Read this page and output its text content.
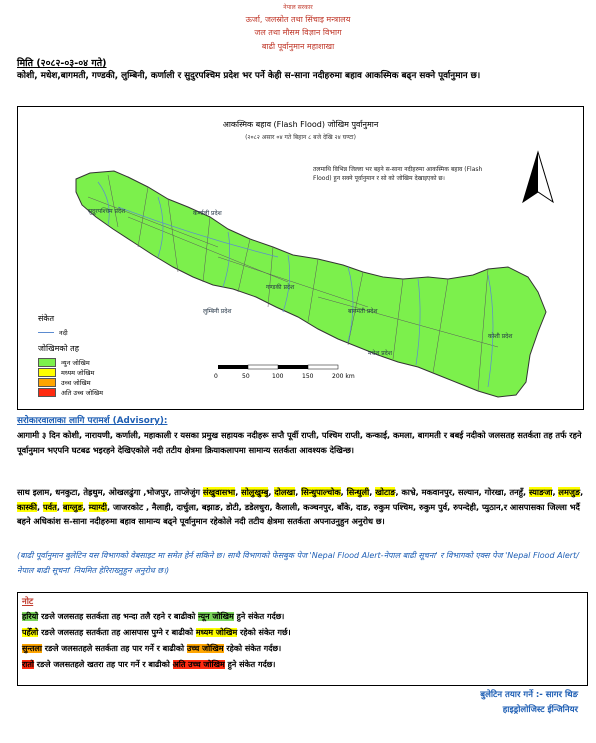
नेपाल सरकार
ऊर्जा, जलस्रोत तथा सिंचाइ मन्त्रालय
जल तथा मौसम विज्ञान विभाग
बाढी पूर्वानुमान महाशाखा
मिति (२०८२-०३-०४ गते)
कोशी, मधेश,बागमती, गण्डकी, लुम्बिनी, कर्णाली र सुदुरपश्चिम प्रदेश भर पर्ने केही स-साना नदीहरुमा बहाव आकस्मिक बढ्न सक्ने पूर्वानुमान छ।
आकस्मिक बहाव (Flash Flood) जोखिम पुर्वानुमान
(२०८२ असार ०४ गते बिहान ८ बजे देखि २४ घण्टा)
तलमाथि विभिन्न जिल्ला भर बहने स-साना नदीहरुमा आकस्मिक बहाव (Flash Flood) हुन सक्ने पूर्वानुमान र सो को जोखिम देखाइएको छ।
सुदूरपश्चिम प्रदेश	कर्णाली प्रदेश
लुम्बिनी प्रदेश
गण्डकी प्रदेश
बागमती प्रदेश
मधेश प्रदेश
कोशी प्रदेश
संकेत
नदी
जोखिमको तह
न्युन जोखिम
मध्यम जोखिम
उच्च जोखिम
अति उच्च जोखिम
0	50	100	150	200 km
सरोकारवालाका लागि परामर्श (Advisory):
आगामी ३ दिन कोशी, नारायणी, कर्णाली, महाकाली र यसका प्रमुख सहायक नदीहरू सप्तै पूर्वी राप्ती, पश्चिम राप्ती, कन्काई, कमला, बागमती र बबई नदीको जलसतह सतर्कता तह तर्फ रहने पूर्वानुमान भएपनि घटबढ भइरहने देखिएकोले नदी तटीय क्षेत्रमा क्रियाकलापमा सामान्य सतर्कता आवश्यक देखिन्छ।
साथ इलाम, धनकुटा, तेह्रथुम, ओखलढुंगा ,भोजपुर, ताप्लेजुंग संखुवासभा, सोलुखुम्बु, दोलखा, सिन्धुपाल्चोक, सिन्धुली, खोटाङ, काभ्रे, मकवानपुर, सल्यान, गोरखा, तनहुँ, स्याङजा, लमजुङ, कास्की, पर्वत, बाग्लुङ, म्याग्दी, जाजरकोट , नैलाही, दार्चुला, बझाङ, डोटी, डडेलधुरा, कैलाली, कञ्चनपुर, बाँके, दाङ, रुकुम पश्चिम, रुकुम पुर्व, रुपन्देही, प्युठान,र आसपासका जिल्ला भर्दै बहने अधिकांश स-साना नदीहरुमा बहाव सामान्य बढ्ने पूर्वानुमान रहेकोले नदी तटीय क्षेत्रमा सतर्कता अपनाउनुहुन अनुरोध छ।
(बाढी पूर्वानुमान बुलेटिन यस विभागको वेबसाइट मा समेत हेर्न सकिने छ। साथै विभागको फेसबुक पेज 'Nepal Flood Alert-नेपाल बाढी सूचना' र विभागको एक्स पेज 'Nepal Flood Alert/ नेपाल बाढी सूचना' नियमित हेरिराख्नुहुन अनुरोध छ।)
नोट
हरियो रङले जलसतह सतर्कता तह भन्दा तलै रहने र बाढीको न्यून जोखिम हुने संकेत गर्दछ।
पहेँलो रङले जलसतह सतर्कता तह आसपास पुग्ने र बाढीको मध्यम जोखिम रहेको संकेत गर्छ।
सुन्तला रङले जलसतहले सतर्कता तह पार गर्ने र बाढीको उच्च जोखिम रहेको संकेत गर्दछ।
रातो रङले जलसतहले खतरा तह पार गर्ने र बाढीको अति उच्च जोखिम हुने संकेत गर्दछ।
बुलेटिन तयार गर्ने :- सागर थिङ
हाइड्रोलोजिस्ट ईन्जिनियर
